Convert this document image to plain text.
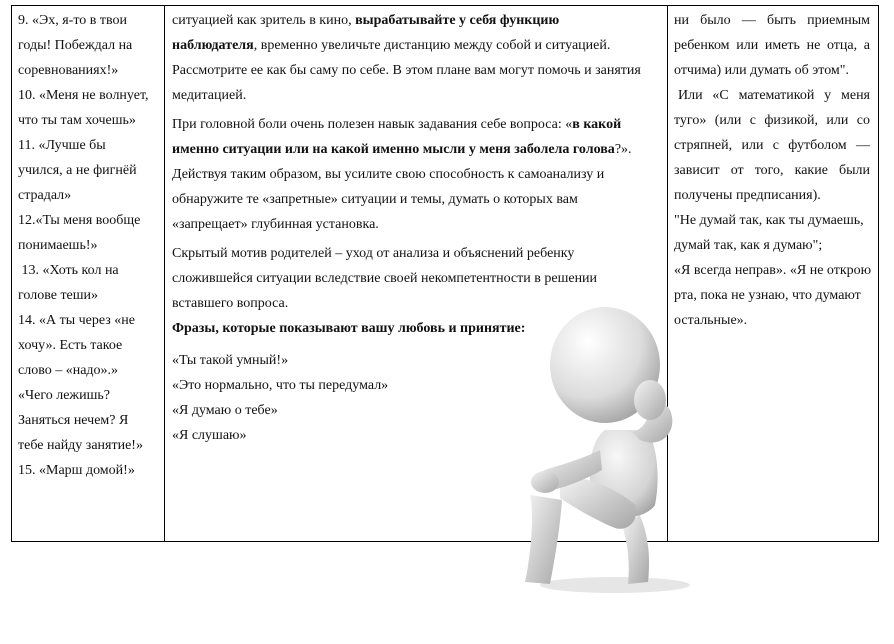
9. «Эх, я-то в твои
годы! Побеждал на
соревнованиях!»
10. «Меня не волнует,
что ты там хочешь»
11. «Лучше бы
учился, а не фигнёй
страдал»
12.«Ты меня вообще
понимаешь!»
13. «Хоть кол на
голове теши»
14. «А ты через «не
хочу». Есть такое
слово – «надо».»
«Чего лежишь?
Заняться нечем? Я
тебе найду занятие!»
15. «Марш домой!»
ситуацией как зритель в кино, вырабатывайте у себя функцию
наблюдателя, временно увеличьте дистанцию между собой и ситуацией.
Рассмотрите ее как бы саму по себе. В этом плане вам могут помочь и занятия
медитацией.
При головной боли очень полезен навык задавания себе вопроса: «в какой
именно ситуации или на какой именно мысли у меня заболела голова?».
Действуя таким образом, вы усилите свою способность к самоанализу и
обнаружите те «запретные» ситуации и темы, думать о которых вам
«запрещает» глубинная установка.
Скрытый мотив родителей – уход от анализа и объяснений ребенку
сложившейся ситуации вследствие своей некомпетентности в решении
вставшего вопроса.
Фразы, которые показывают вашу любовь и принятие:
«Ты такой умный!»
«Это нормально, что ты передумал»
«Я думаю о тебе»
«Я слушаю»
ни было — быть приемным
ребенком или иметь не отца, а
отчима) или думать об этом".
Или «С математикой у меня
туго» (или с физикой, или со
стряпней, или с футболом —
зависит от того, какие были
получены предписания).
"Не думай так, как ты думаешь,
думай так, как я думаю";
«Я всегда неправ». «Я не открою
рта, пока не узнаю, что думают
остальные».
